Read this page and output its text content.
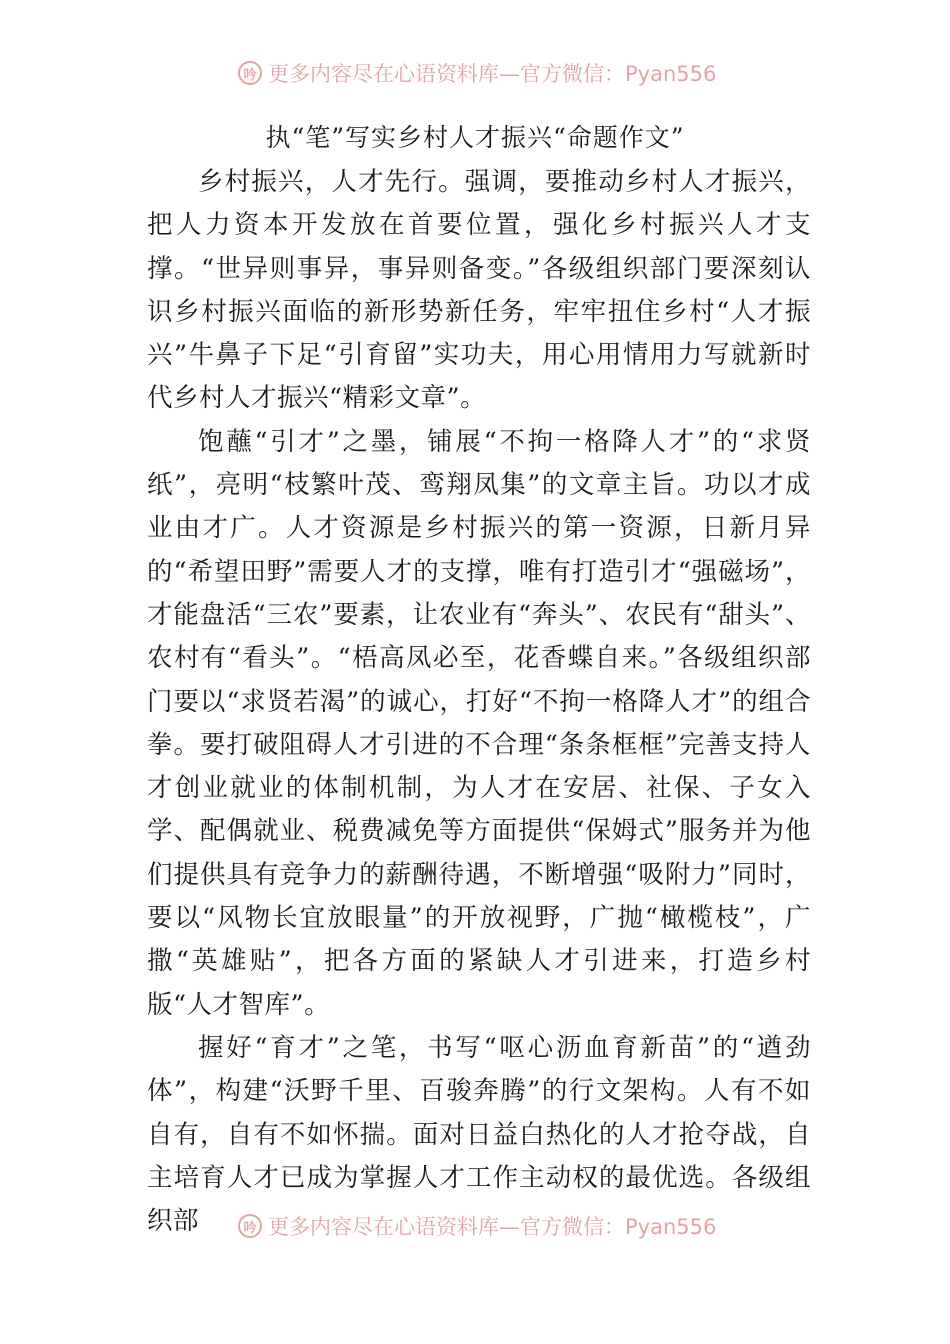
吟 更多内容尽在心语资料库—官方微信：Pyan556
执“笔”写实乡村人才振兴“命题作文”

乡村振兴，人才先行。强调，要推动乡村人才振兴，把人力资本开发放在首要位置，强化乡村振兴人才支撑。“世异则事异，事异则备变。”各级组织部门要深刻认识乡村振兴面临的新形势新任务，牢牢扭住乡村“人才振兴”牛鼻子下足“引育留”实功夫，用心用情用力写就新时代乡村人才振兴“精彩文章”。

饱蘸“引才”之墨，铺展“不拘一格降人才”的“求贤纸”，亮明“枝繁叶茂、鸾翔凤集”的文章主旨。功以才成业由才广。人才资源是乡村振兴的第一资源，日新月异的“希望田野”需要人才的支撑，唯有打造引才“强磁场”，才能盘活“三农”要素，让农业有“奔头”、农民有“甜头”、农村有“看头”。“梧高凤必至，花香蝶自来。”各级组织部门要以“求贤若渴”的诚心，打好“不拘一格降人才”的组合拳。要打破阻碍人才引进的不合理“条条框框”完善支持人才创业就业的体制机制，为人才在安居、社保、子女入学、配偶就业、税费减免等方面提供“保姆式”服务并为他们提供具有竞争力的薪酬待遇，不断增强“吸附力”同时，要以“风物长宜放眼量”的开放视野，广抛“橄榄枝”，广撒“英雄贴”，把各方面的紧缺人才引进来，打造乡村版“人才智库”。

握好“育才”之笔，书写“呕心沥血育新苗”的“遒劲体”，构建“沃野千里、百骏奔腾”的行文架构。人有不如自有，自有不如怀揣。面对日益白热化的人才抢夺战，自主培育人才已成为掌握人才工作主动权的最优选。各级组织部	吟 更多内容尽在心语资料库—官方微信：Pyan556
